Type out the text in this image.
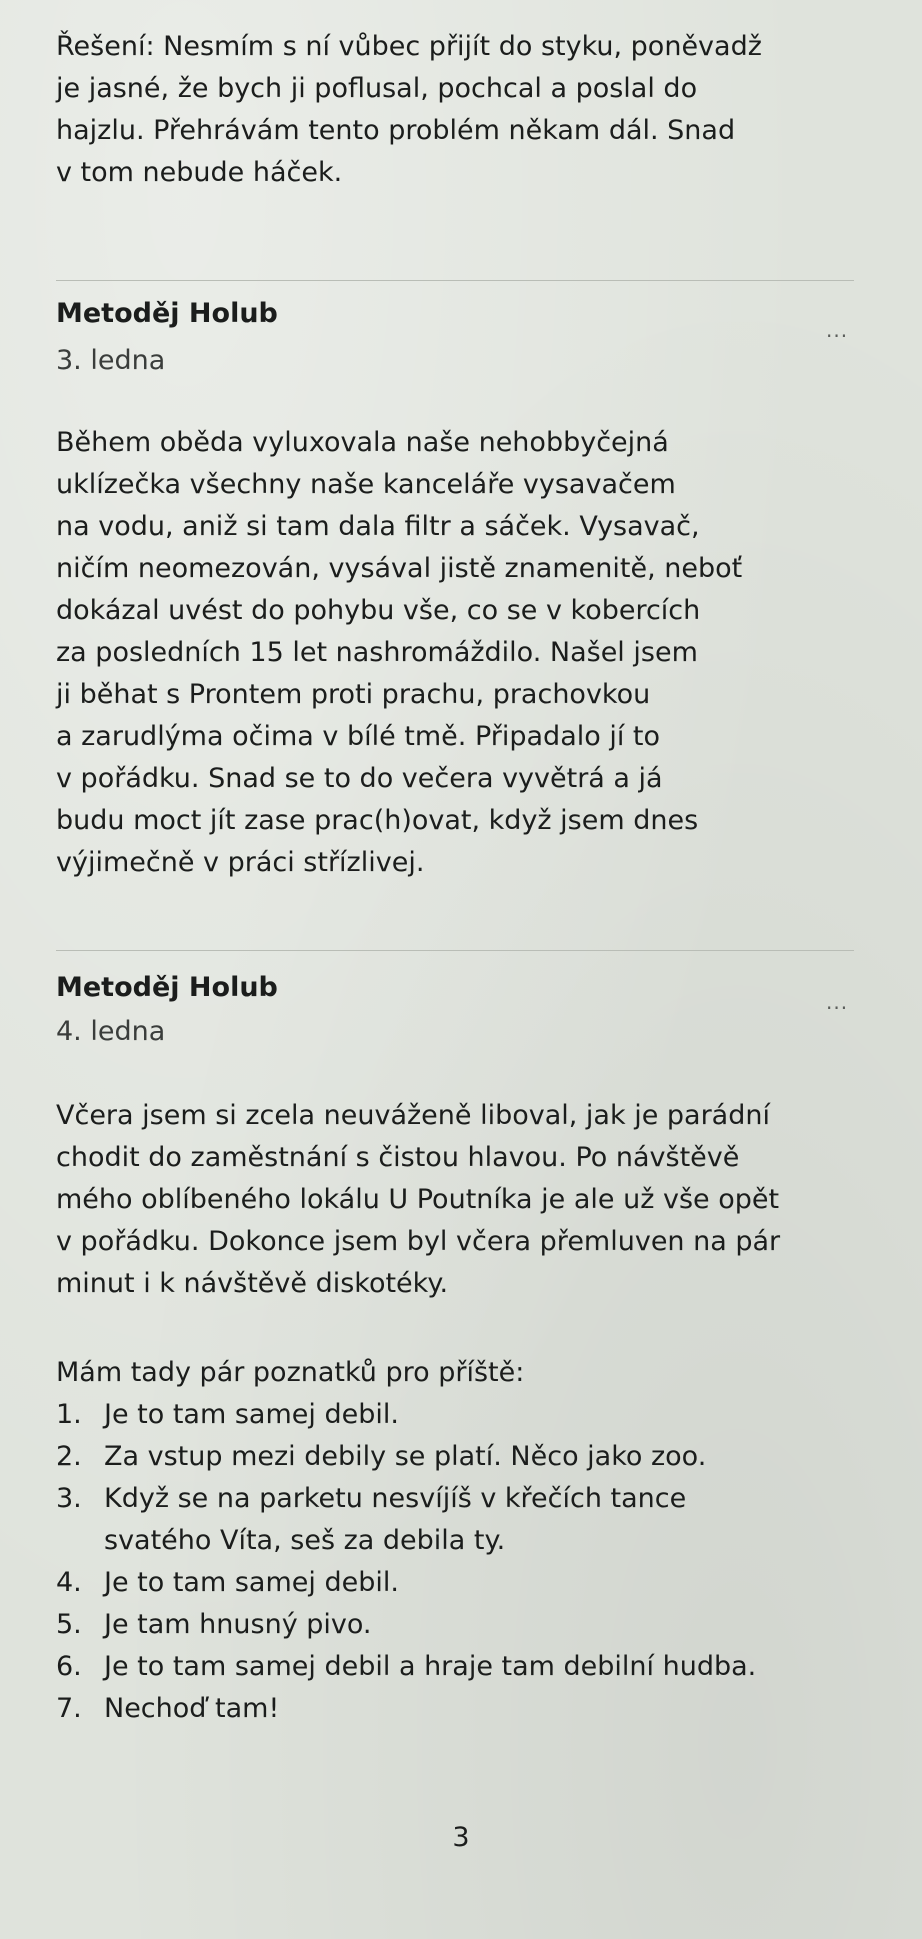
Řešení: Nesmím s ní vůbec přijít do styku, poněvadž
je jasné, že bych ji poflusal, pochcal a poslal do
hajzlu. Přehrávám tento problém někam dál. Snad
v tom nebude háček.

Metoděj Holub

...

3. ledna

Během oběda vyluxovala naše nehobbyčejná
uklízečka všechny naše kanceláře vysavačem
na vodu, aniž si tam dala filtr a sáček. Vysavač,
ničím neomezován, vysával jistě znamenitě, neboť
dokázal uvést do pohybu vše, co se v kobercích
za posledních 15 let nashromáždilo. Našel jsem
ji běhat s Prontem proti prachu, prachovkou
a zarudlýma očima v bílé tmě. Připadalo jí to
v pořádku. Snad se to do večera vyvětrá a já
budu moct jít zase prac(h)ovat, když jsem dnes
výjimečně v práci střízlivej.

Metoděj Holub	...

4. ledna

Včera jsem si zcela neuváženě liboval, jak je parádní
chodit do zaměstnání s čistou hlavou. Po návštěvě
mého oblíbeného lokálu U Poutníka je ale už vše opět
v pořádku. Dokonce jsem byl včera přemluven na pár
minut i k návštěvě diskotéky.

Mám tady pár poznatků pro příště:

1. Je to tam samej debil.
2. Za vstup mezi debily se platí. Něco jako zoo.
3. Když se na parketu nesvíjíš v křečích tance
svatého Víta, seš za debila ty.
4. Je to tam samej debil.
5. Je tam hnusný pivo.
6. Je to tam samej debil a hraje tam debilní hudba.
7. Nechoď tam!
3
